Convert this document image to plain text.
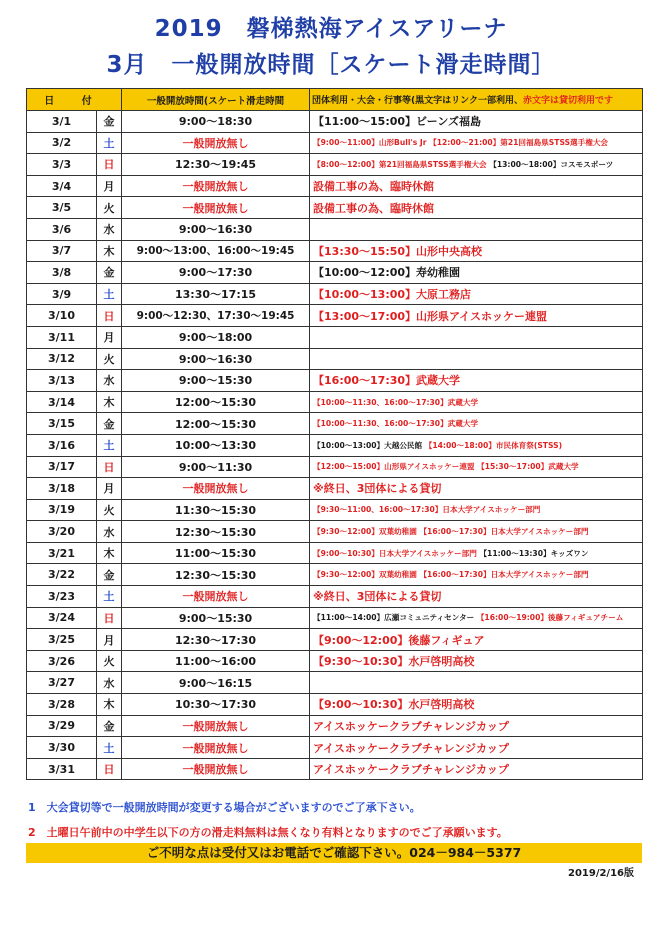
2019　磐梯熱海アイスアリーナ
3月　一般開放時間［スケート滑走時間］
日 付		一般開放時間(スケート滑走時間	団体利用・大会・行事等(黒文字はリンク一部利用、赤文字は貸切利用です
3/1	金	9:00～18:30	【11:00～15:00】ビーンズ福島
3/2	土	一般開放無し	【9:00～11:00】山形Bull's Jr 【12:00～21:00】第21回福島県STSS選手権大会
3/3	日	12:30～19:45	【8:00～12:00】第21回福島県STSS選手権大会 【13:00～18:00】コスモスポーツ
3/4	月	一般開放無し	設備工事の為、臨時休館
3/5	火	一般開放無し	設備工事の為、臨時休館
3/6	水	9:00～16:30	
3/7	木	9:00～13:00、16:00～19:45	【13:30～15:50】山形中央高校
3/8	金	9:00～17:30	【10:00～12:00】寿幼稚園
3/9	土	13:30～17:15	【10:00～13:00】大原工務店
3/10	日	9:00～12:30、17:30～19:45	【13:00～17:00】山形県アイスホッケー連盟
3/11	月	9:00～18:00	
3/12	火	9:00～16:30	
3/13	水	9:00～15:30	【16:00～17:30】武蔵大学
3/14	木	12:00～15:30	【10:00～11:30、16:00～17:30】武蔵大学
3/15	金	12:00～15:30	【10:00～11:30、16:00～17:30】武蔵大学
3/16	土	10:00～13:30	【10:00～13:00】大越公民館 【14:00～18:00】市民体育祭(STSS)
3/17	日	9:00～11:30	【12:00～15:00】山形県アイスホッケー連盟 【15:30～17:00】武蔵大学
3/18	月	一般開放無し	※終日、3団体による貸切
3/19	火	11:30～15:30	【9:30～11:00、16:00～17:30】日本大学アイスホッケー部門
3/20	水	12:30～15:30	【9:30～12:00】双葉幼稚園 【16:00～17:30】日本大学アイスホッケー部門
3/21	木	11:00～15:30	【9:00～10:30】日本大学アイスホッケー部門 【11:00～13:30】キッズワン
3/22	金	12:30～15:30	【9:30～12:00】双葉幼稚園 【16:00～17:30】日本大学アイスホッケー部門
3/23	土	一般開放無し	※終日、3団体による貸切
3/24	日	9:00～15:30	【11:00～14:00】広瀬コミュニティセンター 【16:00～19:00】後藤フィギュアチーム
3/25	月	12:30～17:30	【9:00～12:00】後藤フィギュア
3/26	火	11:00～16:00	【9:30～10:30】水戸啓明高校
3/27	水	9:00～16:15	
3/28	木	10:30～17:30	【9:00～10:30】水戸啓明高校
3/29	金	一般開放無し	アイスホッケークラブチャレンジカップ
3/30	土	一般開放無し	アイスホッケークラブチャレンジカップ
3/31	日	一般開放無し	アイスホッケークラブチャレンジカップ
1　大会貸切等で一般開放時間が変更する場合がございますのでご了承下さい。
2　土曜日午前中の中学生以下の方の滑走料無料は無くなり有料となりますのでご了承願います。
ご不明な点は受付又はお電話でご確認下さい。024－984－5377
2019/2/16版
